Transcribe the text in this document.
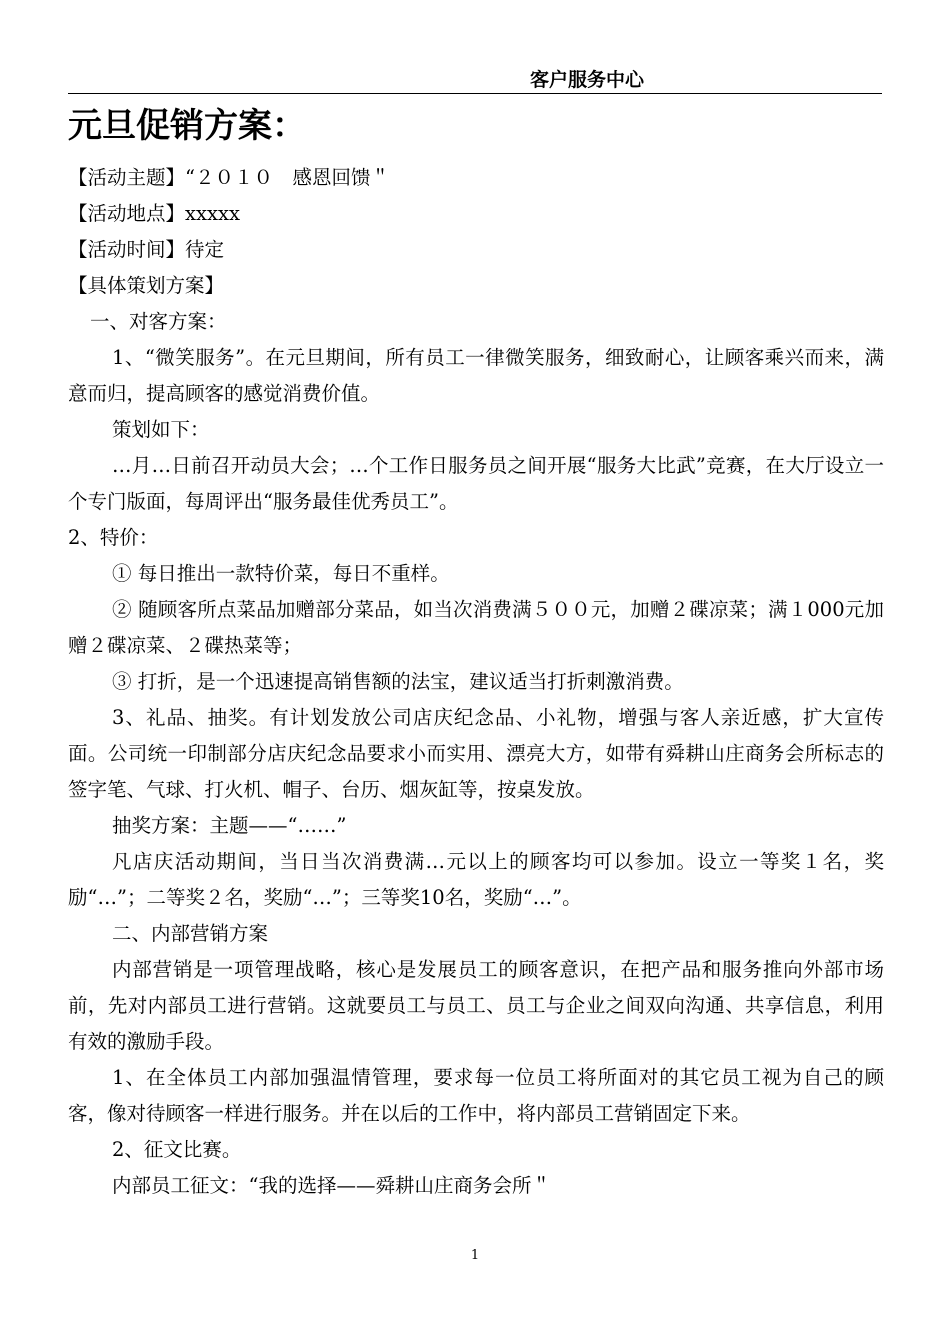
客户服务中心
元旦促销方案：

【活动主题】“２０１０　感恩回馈＂

【活动地点】xxxxx

【活动时间】待定

【具体策划方案】

一、对客方案：

1、“微笑服务”。在元旦期间，所有员工一律微笑服务，细致耐心，让顾客乘兴而来，满意而归，提高顾客的感觉消费价值。

策划如下：

…月…日前召开动员大会；…个工作日服务员之间开展“服务大比武”竞赛，在大厅设立一个专门版面，每周评出“服务最佳优秀员工”。

2、特价：

① 每日推出一款特价菜，每日不重样。

② 随顾客所点菜品加赠部分菜品，如当次消费满５００元，加赠２碟凉菜；满１000元加赠２碟凉菜、２碟热菜等；

③ 打折，是一个迅速提高销售额的法宝，建议适当打折刺激消费。

3、礼品、抽奖。有计划发放公司店庆纪念品、小礼物，增强与客人亲近感，扩大宣传面。公司统一印制部分店庆纪念品要求小而实用、漂亮大方，如带有舜耕山庄商务会所标志的签字笔、气球、打火机、帽子、台历、烟灰缸等，按桌发放。

抽奖方案：主题——“……”

凡店庆活动期间，当日当次消费满…元以上的顾客均可以参加。设立一等奖１名，奖励“…”；二等奖２名，奖励“…”；三等奖10名，奖励“…”。

二、内部营销方案

内部营销是一项管理战略，核心是发展员工的顾客意识，在把产品和服务推向外部市场前，先对内部员工进行营销。这就要员工与员工、员工与企业之间双向沟通、共享信息，利用有效的激励手段。

1、在全体员工内部加强温情管理，要求每一位员工将所面对的其它员工视为自己的顾客，像对待顾客一样进行服务。并在以后的工作中，将内部员工营销固定下来。

2、征文比赛。

内部员工征文：“我的选择——舜耕山庄商务会所＂

1
